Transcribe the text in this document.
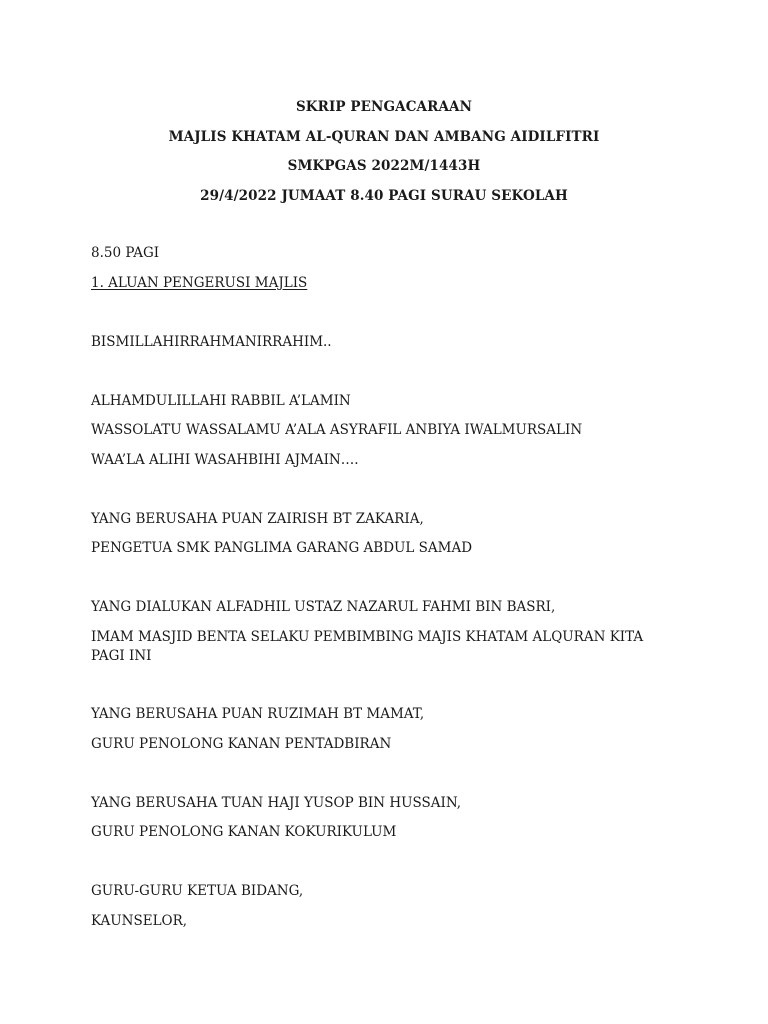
SKRIP PENGACARAAN
MAJLIS KHATAM AL-QURAN DAN AMBANG AIDILFITRI
SMKPGAS 2022M/1443H
29/4/2022 JUMAAT 8.40 PAGI SURAU SEKOLAH
8.50 PAGI
1. ALUAN PENGERUSI MAJLIS
BISMILLAHIRRAHMANIRRAHIM..
ALHAMDULILLAHI RABBIL A’LAMIN
WASSOLATU WASSALAMU A’ALA ASYRAFIL ANBIYA IWALMURSALIN
WAA’LA ALIHI WASAHBIHI AJMAIN….
YANG BERUSAHA PUAN ZAIRISH BT ZAKARIA,
PENGETUA SMK PANGLIMA GARANG ABDUL SAMAD
YANG DIALUKAN ALFADHIL USTAZ NAZARUL FAHMI BIN BASRI,
IMAM MASJID BENTA SELAKU PEMBIMBING MAJIS KHATAM ALQURAN KITA PAGI INI
YANG BERUSAHA PUAN RUZIMAH BT MAMAT,
GURU PENOLONG KANAN PENTADBIRAN
YANG BERUSAHA TUAN HAJI YUSOP BIN HUSSAIN,
GURU PENOLONG KANAN KOKURIKULUM
GURU-GURU KETUA BIDANG,
KAUNSELOR,
